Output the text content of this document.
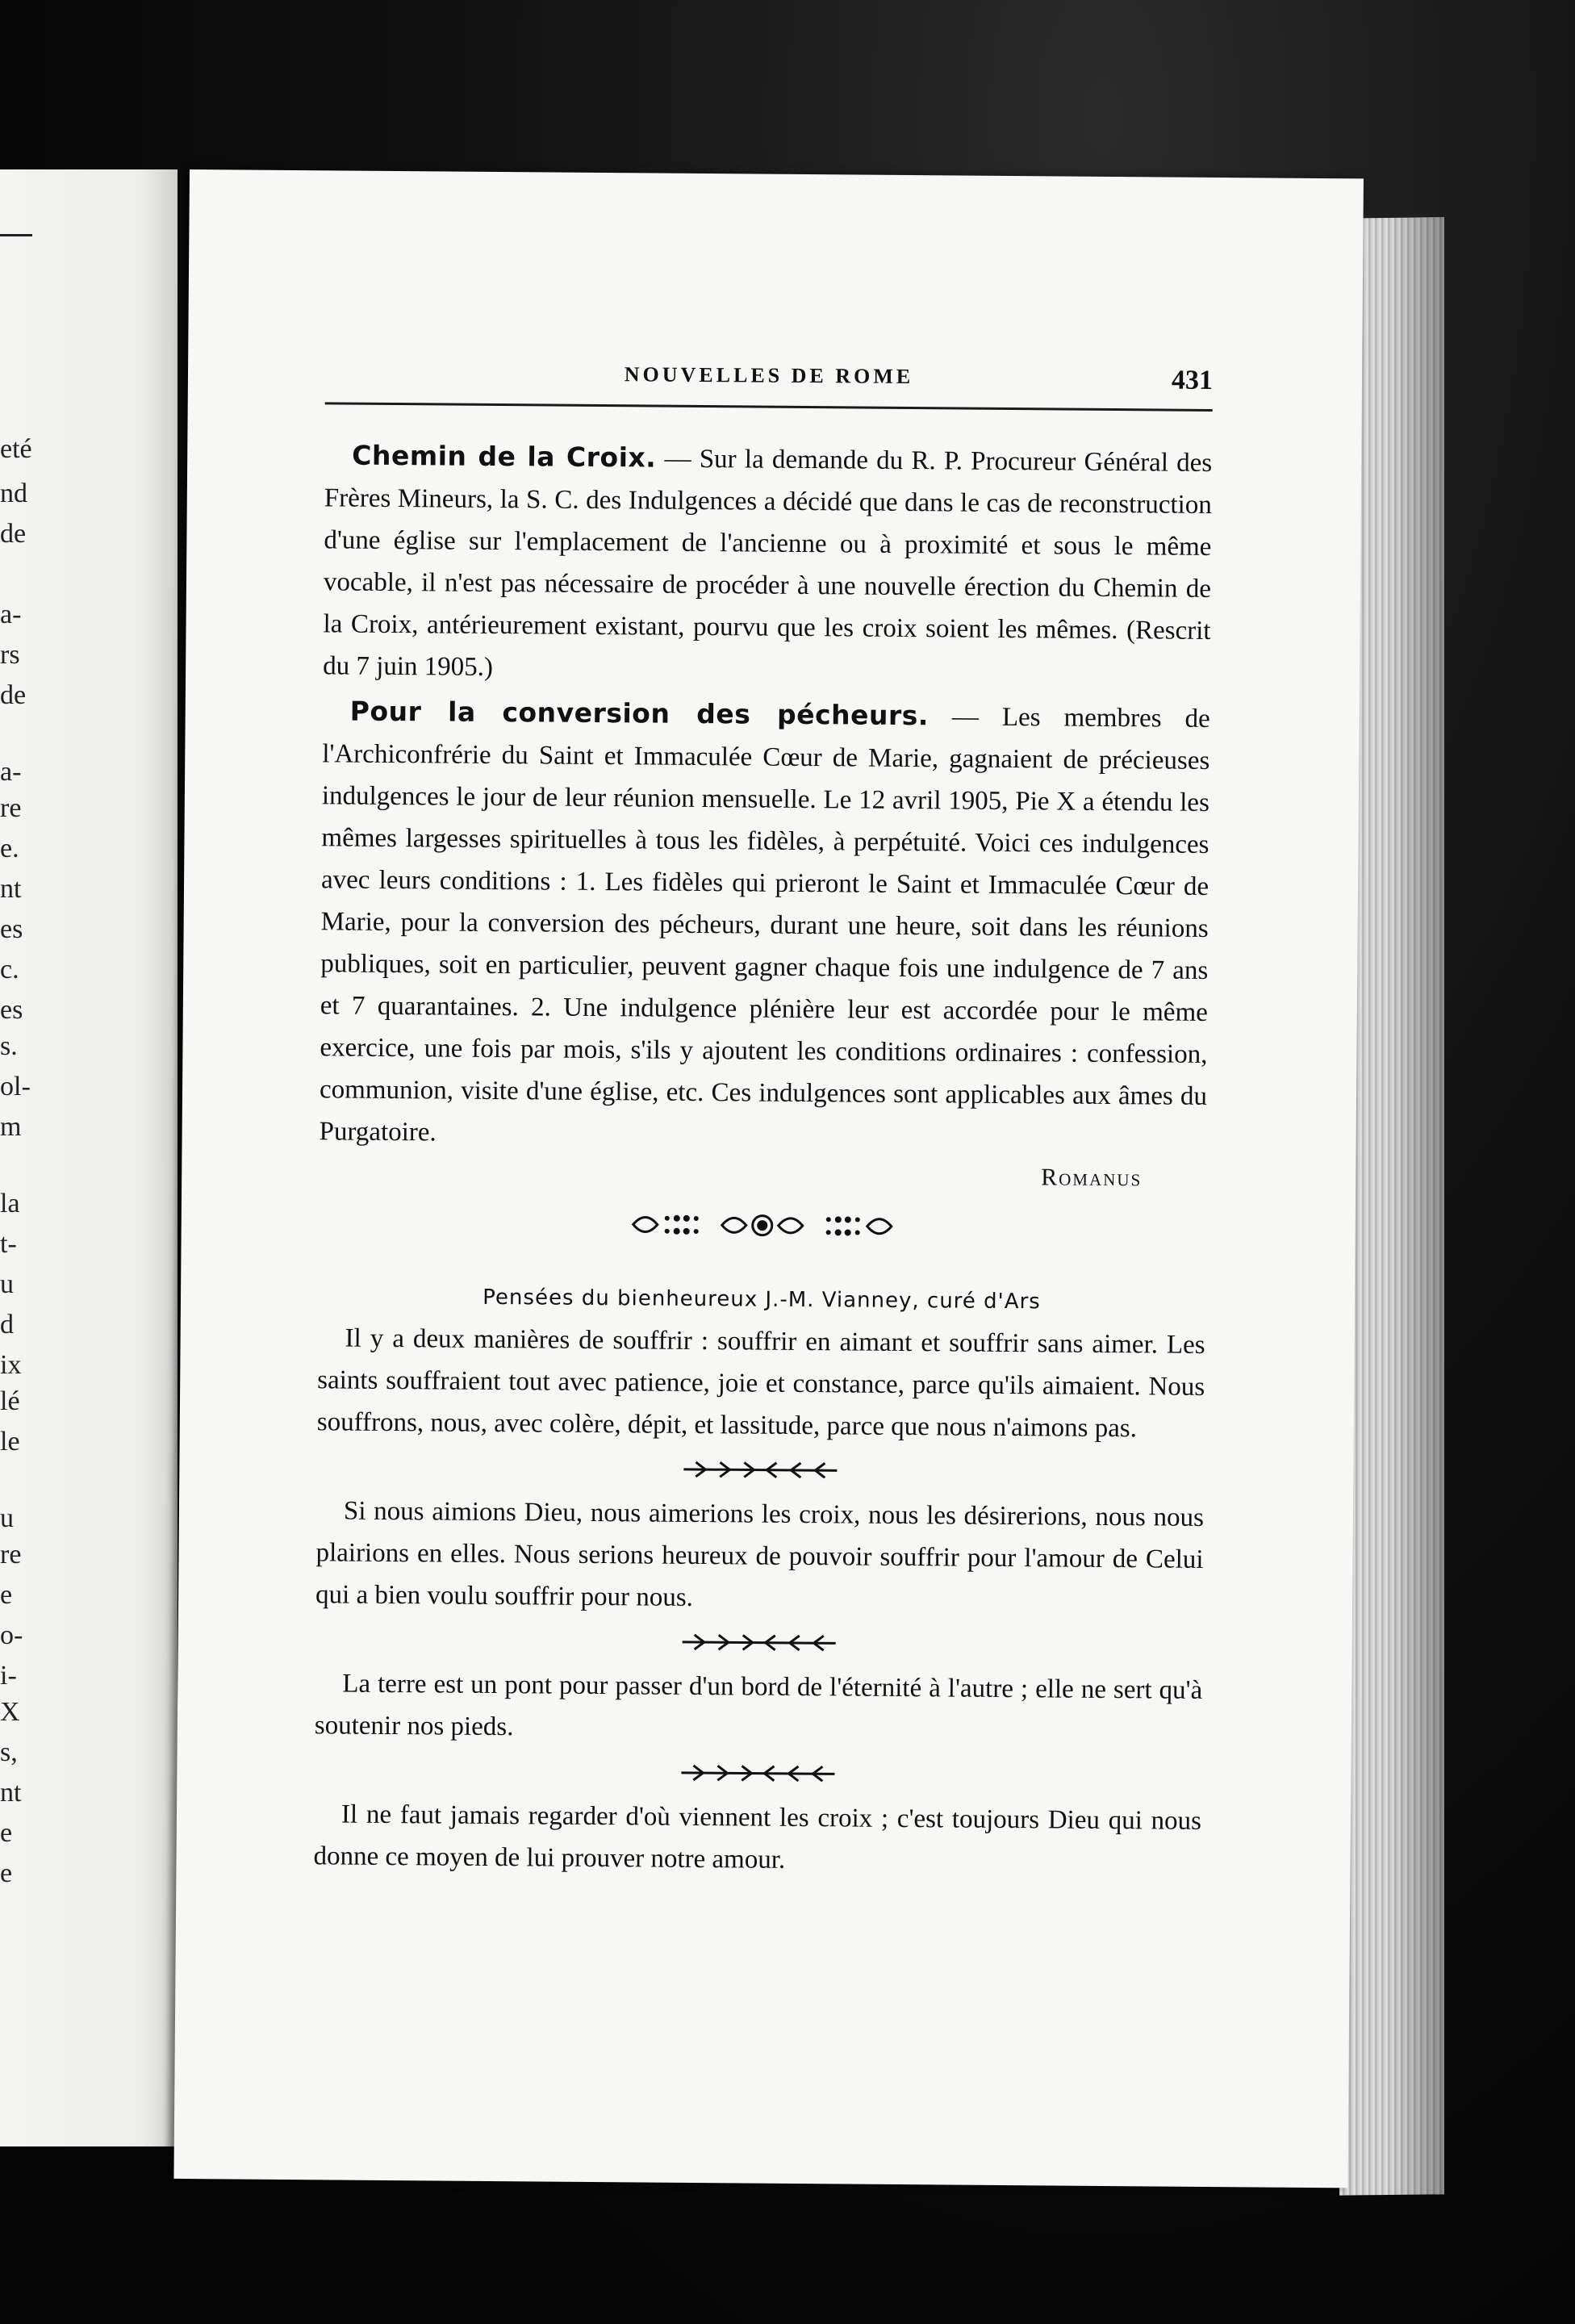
eté
nd
de
a-
rs
de
a-
re
e.
nt
es
c.
es
s.
ol-
m
la
t-
u
d
ix
lé
le
u
re
e
o-
i-
X
s,
nt
e
e
NOUVELLES DE ROME	431

Chemin de la Croix. — Sur la demande du R. P. Procureur Général des Frères Mineurs, la S. C. des Indulgences a décidé que dans le cas de reconstruction d'une église sur l'emplacement de l'ancienne ou à proximité et sous le même vocable, il n'est pas nécessaire de procéder à une nouvelle érection du Chemin de la Croix, antérieurement existant, pourvu que les croix soient les mêmes. (Rescrit du 7 juin 1905.)

Pour la conversion des pécheurs. — Les membres de l'Archiconfrérie du Saint et Immaculée Cœur de Marie, gagnaient de précieuses indulgences le jour de leur réunion mensuelle. Le 12 avril 1905, Pie X a étendu les mêmes largesses spirituelles à tous les fidèles, à perpétuité. Voici ces indulgences avec leurs conditions : 1. Les fidèles qui prieront le Saint et Immaculée Cœur de Marie, pour la conversion des pécheurs, durant une heure, soit dans les réunions publiques, soit en particulier, peuvent gagner chaque fois une indulgence de 7 ans et 7 quarantaines. 2. Une indulgence plénière leur est accordée pour le même exercice, une fois par mois, s'ils y ajoutent les conditions ordinaires : confession, communion, visite d'une église, etc. Ces indulgences sont applicables aux âmes du Purgatoire.

Romanus
Pensées du bienheureux J.-M. Vianney, curé d'Ars

Il y a deux manières de souffrir : souffrir en aimant et souffrir sans aimer. Les saints souffraient tout avec patience, joie et constance, parce qu'ils aimaient. Nous souffrons, nous, avec colère, dépit, et lassitude, parce que nous n'aimons pas.

Si nous aimions Dieu, nous aimerions les croix, nous les désirerions, nous nous plairions en elles. Nous serions heureux de pouvoir souffrir pour l'amour de Celui qui a bien voulu souffrir pour nous.

La terre est un pont pour passer d'un bord de l'éternité à l'autre ; elle ne sert qu'à soutenir nos pieds.

Il ne faut jamais regarder d'où viennent les croix ; c'est toujours Dieu qui nous donne ce moyen de lui prouver notre amour.
